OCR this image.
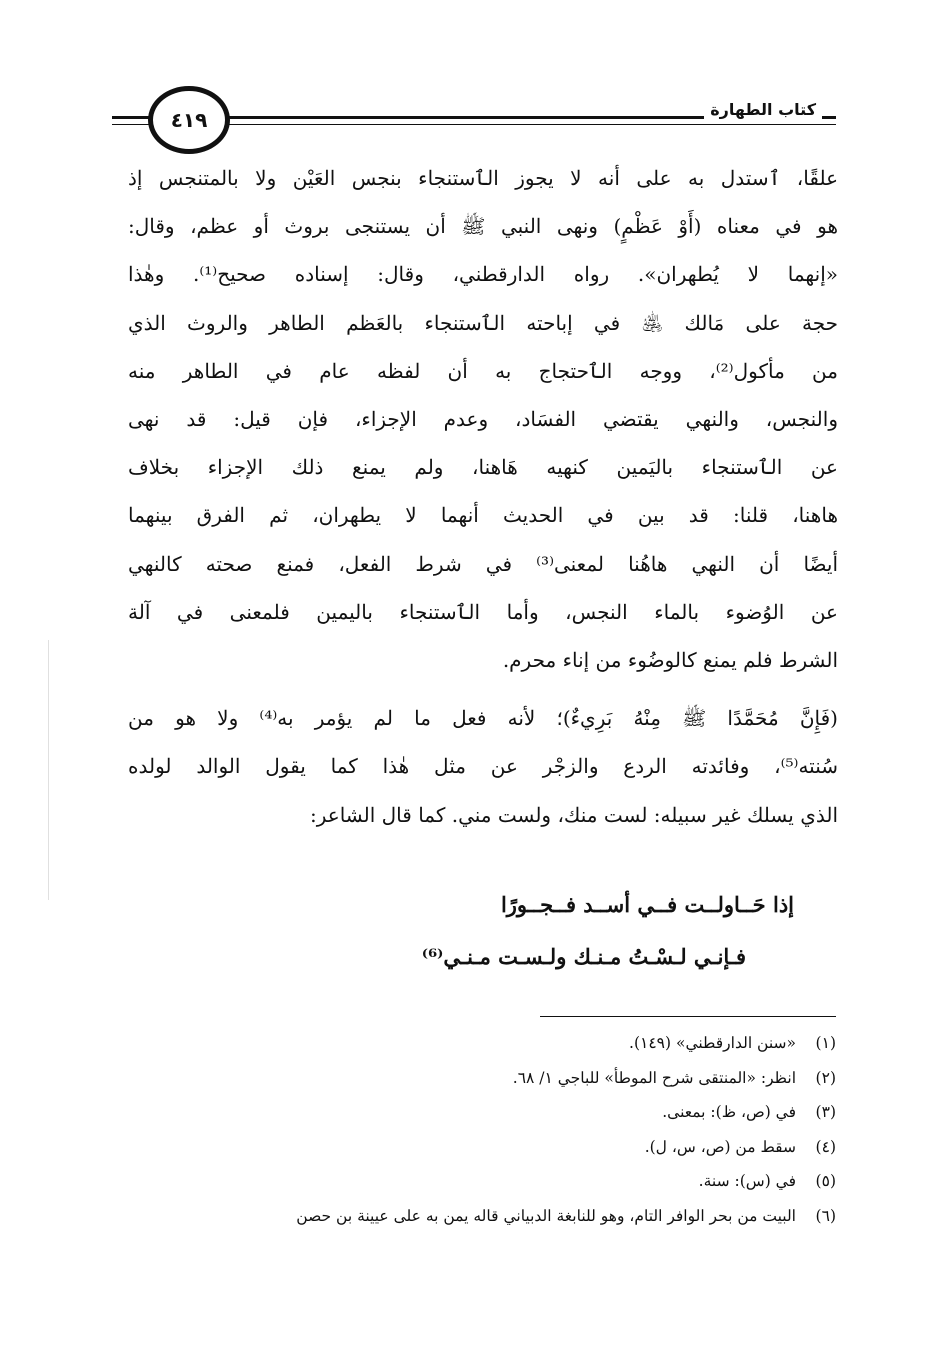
كتاب الطهارة
٤١٩
علقًا، ٱستدل به على أنه لا يجوز الٱستنجاء بنجس العَيْن ولا بالمتنجس إذ
هو في معناه (أَوْ عَظْمٍ) ونهى النبي ﷺ أن يستنجى بروث أو عظم، وقال:
«إنهما لا يُطهران». رواه الدارقطني، وقال: إسناده صحيح⁽¹⁾. وهٰذا
حجة على مَالك ﵁ في إباحته الٱستنجاء بالعَظم الطاهر والروث الذي
من مأكول⁽²⁾، ووجه الٱحتجاج به أن لفظه عام في الطاهر منه
والنجس، والنهي يقتضي الفسَاد، وعدم الإجزاء، فإن قيل: قد نهى
عن الٱستنجاء باليَمين كنهيه هَاهنا، ولم يمنع ذلك الإجزاء بخلاف
هاهنا، قلنا: قد بين في الحديث أنهما لا يطهران، ثم الفرق بينهما
أيضًا أن النهي هاهُنا لمعنى⁽³⁾ في شرط الفعل، فمنع صحته كالنهي
عن الوُضوء بالماء النجس، وأما الٱستنجاء باليمين فلمعنى في آلة
الشرط فلم يمنع كالوضُوء من إناء محرم.
(فَإِنَّ مُحَمَّدًا ﷺ مِنْهُ بَرِيءٌ)؛ لأنه فعل ما لم يؤمر به⁽⁴⁾ ولا هو من
سُنته⁽⁵⁾، وفائدته الردع والزجْر عن مثل هٰذا كما يقول الوالد لولده
الذي يسلك غير سبيله: لست منك، ولست مني. كما قال الشاعر:
إذا حَــاولــت فــي أســد فــجــورًا
فـإنـي لـسْـتُ مـنـك ولـسـت مـنـي⁽⁶⁾
(١)
«سنن الدارقطني» (١٤٩).
(٢)
انظر: «المنتقى شرح الموطأ» للباجي ١/ ٦٨.
(٣)
في (ص، ظ): بمعنى.
(٤)
سقط من (ص، س، ل).
(٥)
في (س): سنة.
(٦)
البيت من بحر الوافر التام، وهو للنابغة الدبياني قاله يمن به على عيينة بن حصن
